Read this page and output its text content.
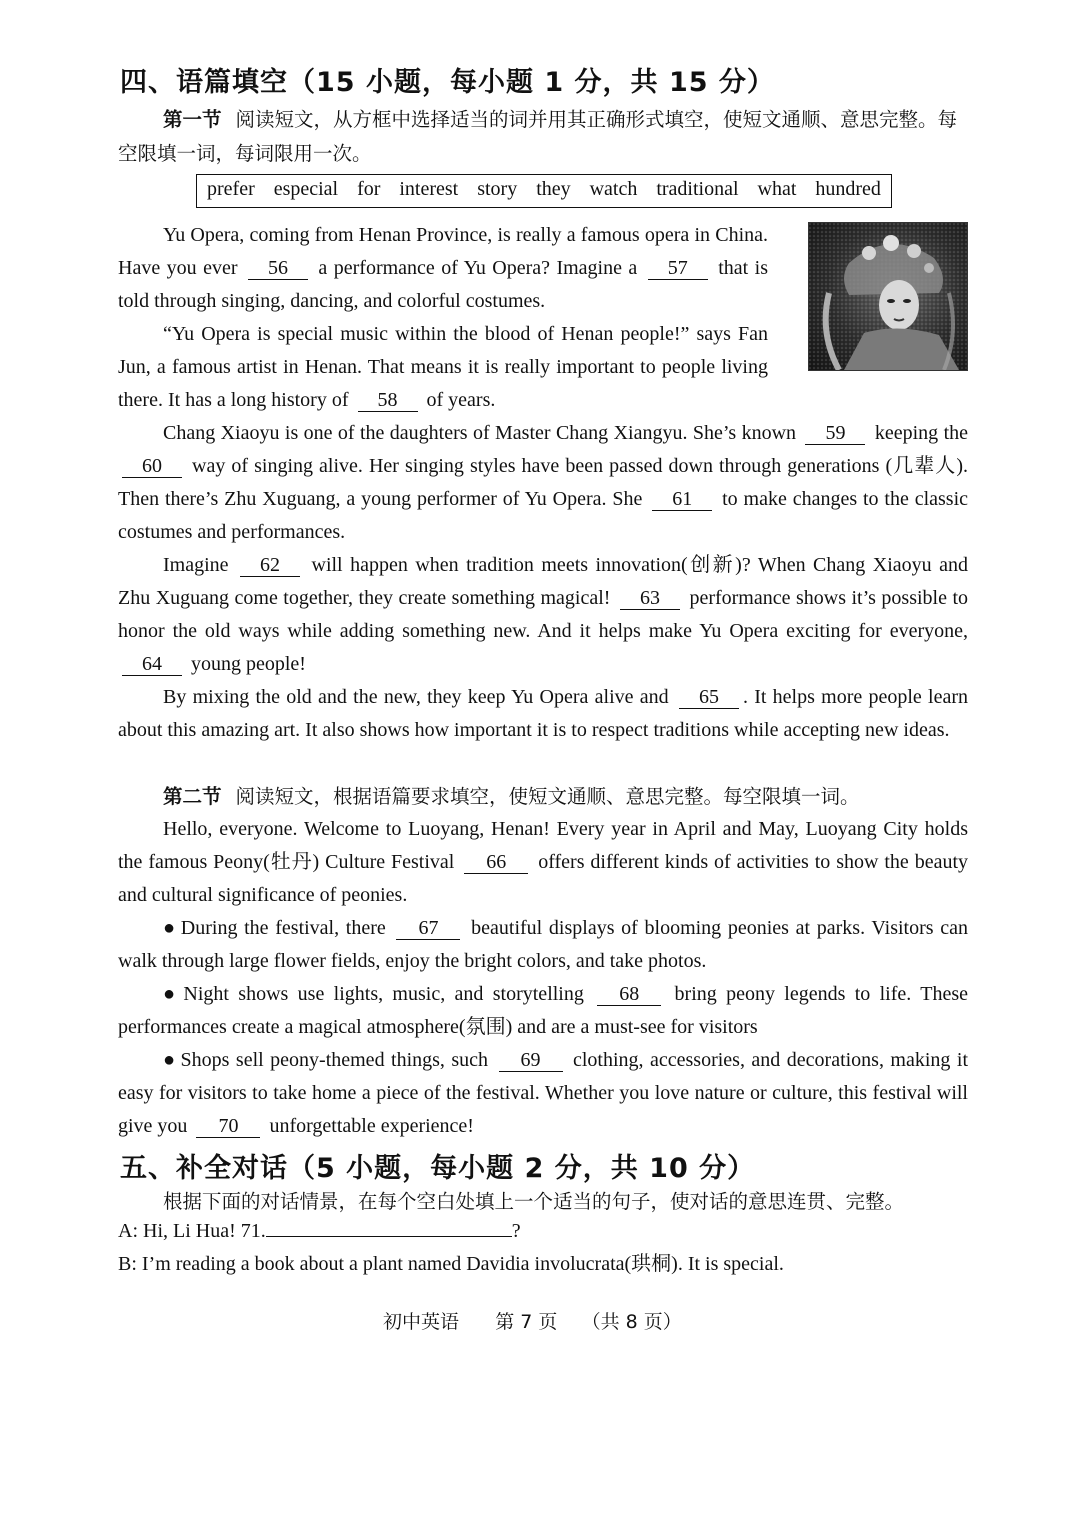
四、语篇填空（15 小题，每小题 1 分，共 15 分）
第一节 阅读短文，从方框中选择适当的词并用其正确形式填空，使短文通顺、意思完整。每空限填一词，每词限用一次。
prefer especial for interest story they watch traditional what hundred
Yu Opera, coming from Henan Province, is really a famous opera in China. Have you ever 56 a performance of Yu Opera? Imagine a 57 that is told through singing, dancing, and colorful costumes.
“Yu Opera is special music within the blood of Henan people!” says Fan Jun, a famous artist in Henan. That means it is really important to people living there. It has a long history of 58 of years.
Chang Xiaoyu is one of the daughters of Master Chang Xiangyu. She’s known 59 keeping the 60 way of singing alive. Her singing styles have been passed down through generations (几辈人). Then there’s Zhu Xuguang, a young performer of Yu Opera. She 61 to make changes to the classic costumes and performances.
Imagine 62 will happen when tradition meets innovation(创新)? When Chang Xiaoyu and Zhu Xuguang come together, they create something magical! 63 performance shows it’s possible to honor the old ways while adding something new. And it helps make Yu Opera exciting for everyone, 64 young people!
By mixing the old and the new, they keep Yu Opera alive and 65 . It helps more people learn about this amazing art. It also shows how important it is to respect traditions while accepting new ideas.
第二节 阅读短文，根据语篇要求填空，使短文通顺、意思完整。每空限填一词。
Hello, everyone. Welcome to Luoyang, Henan! Every year in April and May, Luoyang City holds the famous Peony(牡丹) Culture Festival 66 offers different kinds of activities to show the beauty and cultural significance of peonies.
● During the festival, there 67 beautiful displays of blooming peonies at parks. Visitors can walk through large flower fields, enjoy the bright colors, and take photos.
● Night shows use lights, music, and storytelling 68 bring peony legends to life. These performances create a magical atmosphere(氛围) and are a must-see for visitors
● Shops sell peony-themed things, such 69 clothing, accessories, and decorations, making it easy for visitors to take home a piece of the festival. Whether you love nature or culture, this festival will give you 70 unforgettable experience!
五、补全对话（5 小题，每小题 2 分，共 10 分）
根据下面的对话情景，在每个空白处填上一个适当的句子，使对话的意思连贯、完整。
A: Hi, Li Hua! 71.	?
B: I’m reading a book about a plant named Davidia involucrata(珙桐). It is special.
初中英语 第 7 页 （共 8 页）
